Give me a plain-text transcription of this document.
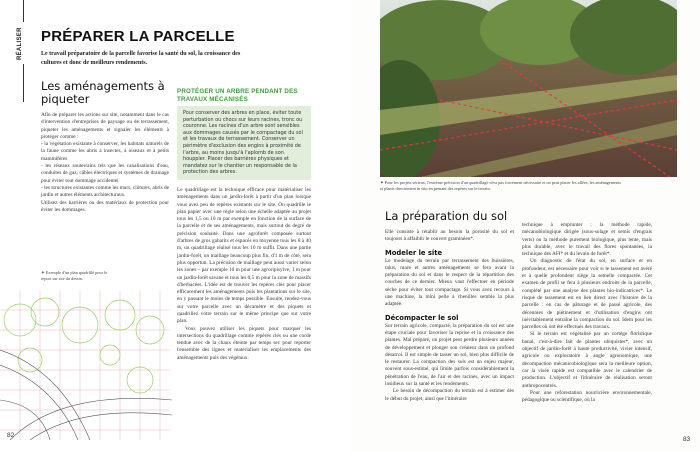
RÉALISER PRÉPARER LA PARCELLE
Le travail préparatoire de la parcelle favorise la santé du sol, la croissance des cultures et donc de meilleurs rendements.
Les aménagements à piqueter

Afin de préparer les actions sur site, notamment dans le cas d'intervention d'entreprises de paysage ou de terrassement, piqueter les aménagements et signaler les éléments à protéger comme :

- la végétation existante à conserver, les habitats naturels de la faune comme les abris à insectes, à oiseaux et à petits mammifères

- les réseaux souterrains tels que les canalisations d'eau, conduites de gaz, câbles électriques et systèmes de drainage pour éviter tout dommage accidentel

- les structures existantes comme les murs, clôtures, abris de jardin et autres éléments architecturaux.

Utilisez des barrières ou des matériaux de protection pour éviter les dommages.

✦ Exemple d'un plan quadrillé pour le report sur site du dessin.
PROTÉGER UN ARBRE PENDANT DES TRAVAUX MÉCANISÉS
Pour conserver des arbres en place, éviter toute perturbation ou chocs sur leurs racines, tronc ou couronne. Les racines d'un arbre sont sensibles aux dommages causés par le compactage du sol et les travaux de terrassement. Conserver un périmètre d'exclusion des engins à proximité de l'arbre, au moins jusqu'à l'aplomb de son houppier. Placer des barrières physiques et mandatez sur le chantier un responsable de la protection des arbres.

Le quadrillage est la technique efficace pour matérialiser les aménagements dans un jardin-forêt à partir d'un plan lorsque vous avez peu de repères existants sur le site. On quadrille le plan papier avec une règle selon une échelle adaptée au projet tous les 1,5 ou 10 m par exemple en fonction de la surface de la parcelle et de ses aménagements, mais surtout du degré de précision souhaité. Dans une agroforêt composée surtout d'arbres de gros gabarits et espacés en moyenne tous les 8 à 40 m, un quadrillage réalisé tous les 10 m suffit. Dans une partie jardin-forêt, un maillage beaucoup plus fin, d'1 m de côté, sera plus opportun. La précision de maillage peut aussi varier selon les zones – par exemple 10 m pour une agroripisylve, 1 m pour un jardin-forêt savane et tous les 0,5 m pour la zone de massifs d'herbacées. L'idée est de trouver les repères clés pour placer efficacement les aménagements puis les plantations sur le site, en y passant le moins de temps possible. Ensuite, rendez-vous sur votre parcelle avec un décamètre et des piquets et quadrillez votre terrain sur le même principe que sur votre plan.

Vous pouvez utiliser les piquets pour marquer les intersections du quadrillage comme repères clés ou une corde tendue avec de la chaux éteinte par temps sec pour reporter l'ensemble des lignes et matérialiser les emplacements des aménagements puis des végétaux.

82
✦ Pour les projets sérieux, l'extrême précision d'un quadrillage n'est pas forcément nécessaire et on peut placer les allées, les aménagements et plants directement in situ en prenant des repères sur le terrain.
La préparation du sol

Elle consiste à rétablir au besoin la porosité du sol et toujours à affaiblir le couvert graminéen*.

Modeler le site

Le modelage du terrain par terrassement des buissières, talus, mare et autres aménagements se fera avant la préparation du sol et dans le respect de la répartition des couches de ce dernier. Mieux vaut l'effectuer en période sèche pour éviter tout compactage. Si vous avez recours à une machine, la mini pelle à chenilles semble la plus adaptée.

Décompacter le sol

Sur terrain agricole, compacté, la préparation du sol est une étape cruciale pour favoriser la reprise et la croissance des plantes. Mal préparé, un projet peut perdre plusieurs années de développement et plonger son créateur dans un profond désarroi. Il est simple de tasser un sol, bien plus difficile de le restaurer. La compaction des sols est un enjeu majeur, souvent sous-estimé, qui limite parfois considérablement la pénétration de l'eau, de l'air et des racines, avec un impact insidieux sur la santé et les rendements.

Le besoin de décompaction du terrain est à estimer dès le début du projet, ainsi que l'itinéraire

technique à emprunter : la méthode rapide, mécanobiologique dirigée (sous-solage et semis d'engrais verts) ou la méthode purement biologique, plus lente, mais plus durable, avec le travail des flores spontanées, la technique des AFI* et du levain de forêt*.

Un diagnostic de l'état du sol, en surface et en profondeur, est nécessaire pour voir si le tassement est avéré et à quelle profondeur siège la semelle compactée. Cet examen de profil se fera à plusieurs endroits de la parcelle, complété par une analyse des plantes bio-indicatrices*. Le risque de tassement est en lien direct avec l'histoire de la parcelle : en cas de pâturage et de passé agricole, des décennies de piétinement et d'utilisation d'engins ont inévitablement entraîné la compaction du sol. Idem pour les parcelles où ont été effectués des travaux.

Si le terrain est végétalisé par un cortège floristique banal, c'est-à-dire fait de plantes ubiquistes*, avec un objectif de jardin-forêt à haute productivité, vivier intensif, agricole ou exploratoire à angle agronomique, une décompaction mécanicobiologique sera la meilleure option, car la visée rapide est compatible avec le calendrier de production. L'objectif et l'itinéraire de réalisation seront anthropocentrés.

Pour une reforestation nourricière environnementale, pédagogique ou scientifique, où la

83
